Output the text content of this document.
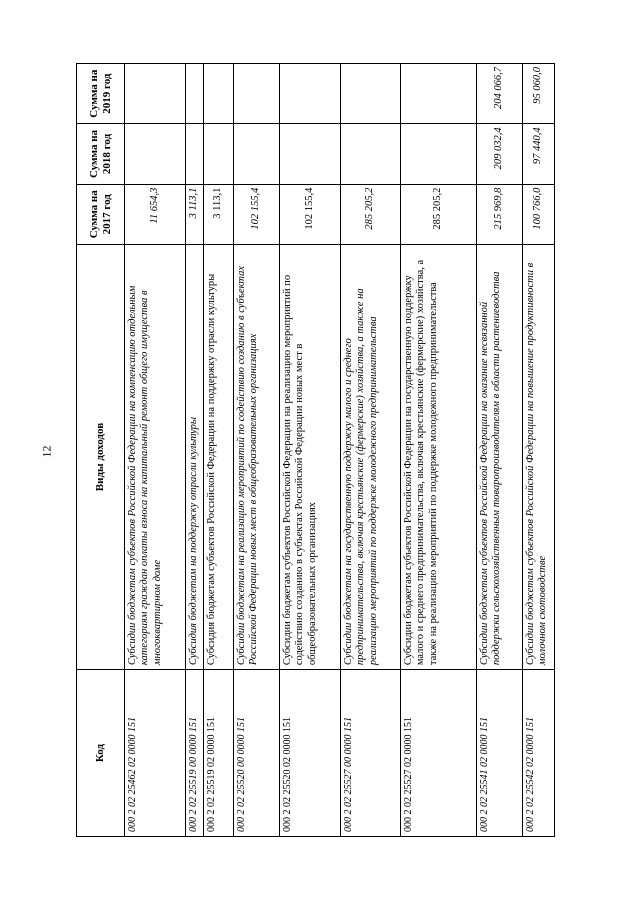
12
Код	Виды доходов	Сумма на 2017 год	Сумма на 2018 год	Сумма на 2019 год
000 2 02 25462 02 0000 151	Субсидии бюджетам субъектов Российской Федерации на компенсацию отдельным категориям граждан оплаты взноса на капитальный ремонт общего имущества в многоквартирном доме	11 654,3		
000 2 02 25519 00 0000 151	Субсидия бюджетам на поддержку отрасли культуры	3 113,1		
000 2 02 25519 02 0000 151	Субсидия бюджетам субъектов Российской Федерации на поддержку отрасли культуры	3 113,1		
000 2 02 25520 00 0000 151	Субсидии бюджетам на реализацию мероприятий по содействию созданию в субъектах Российской Федерации новых мест в общеобразовательных организациях	102 155,4		
000 2 02 25520 02 0000 151	Субсидии бюджетам субъектов Российской Федерации на реализацию мероприятий по содействию созданию в субъектах Российской Федерации новых мест в общеобразовательных организациях	102 155,4		
000 2 02 25527 00 0000 151	Субсидии бюджетам на государственную поддержку малого и среднего предпринимательства, включая крестьянские (фермерские) хозяйства, а также на реализацию мероприятий по поддержке молодежного предпринимательства	285 205,2		
000 2 02 25527 02 0000 151	Субсидии бюджетам субъектов Российской Федерации на государственную поддержку малого и среднего предпринимательства, включая крестьянские (фермерские) хозяйства, а также на реализацию мероприятий по поддержке молодежного предпринимательства	285 205,2		
000 2 02 25541 02 0000 151	Субсидии бюджетам субъектов Российской Федерации на оказание несвязанной поддержки сельскохозяйственным товаропроизводителям в области растениеводства	215 969,8	209 032,4	204 066,7
000 2 02 25542 02 0000 151	Субсидии бюджетам субъектов Российской Федерации на повышение продуктивности в молочном скотоводстве	100 766,0	97 440,4	95 060,0
